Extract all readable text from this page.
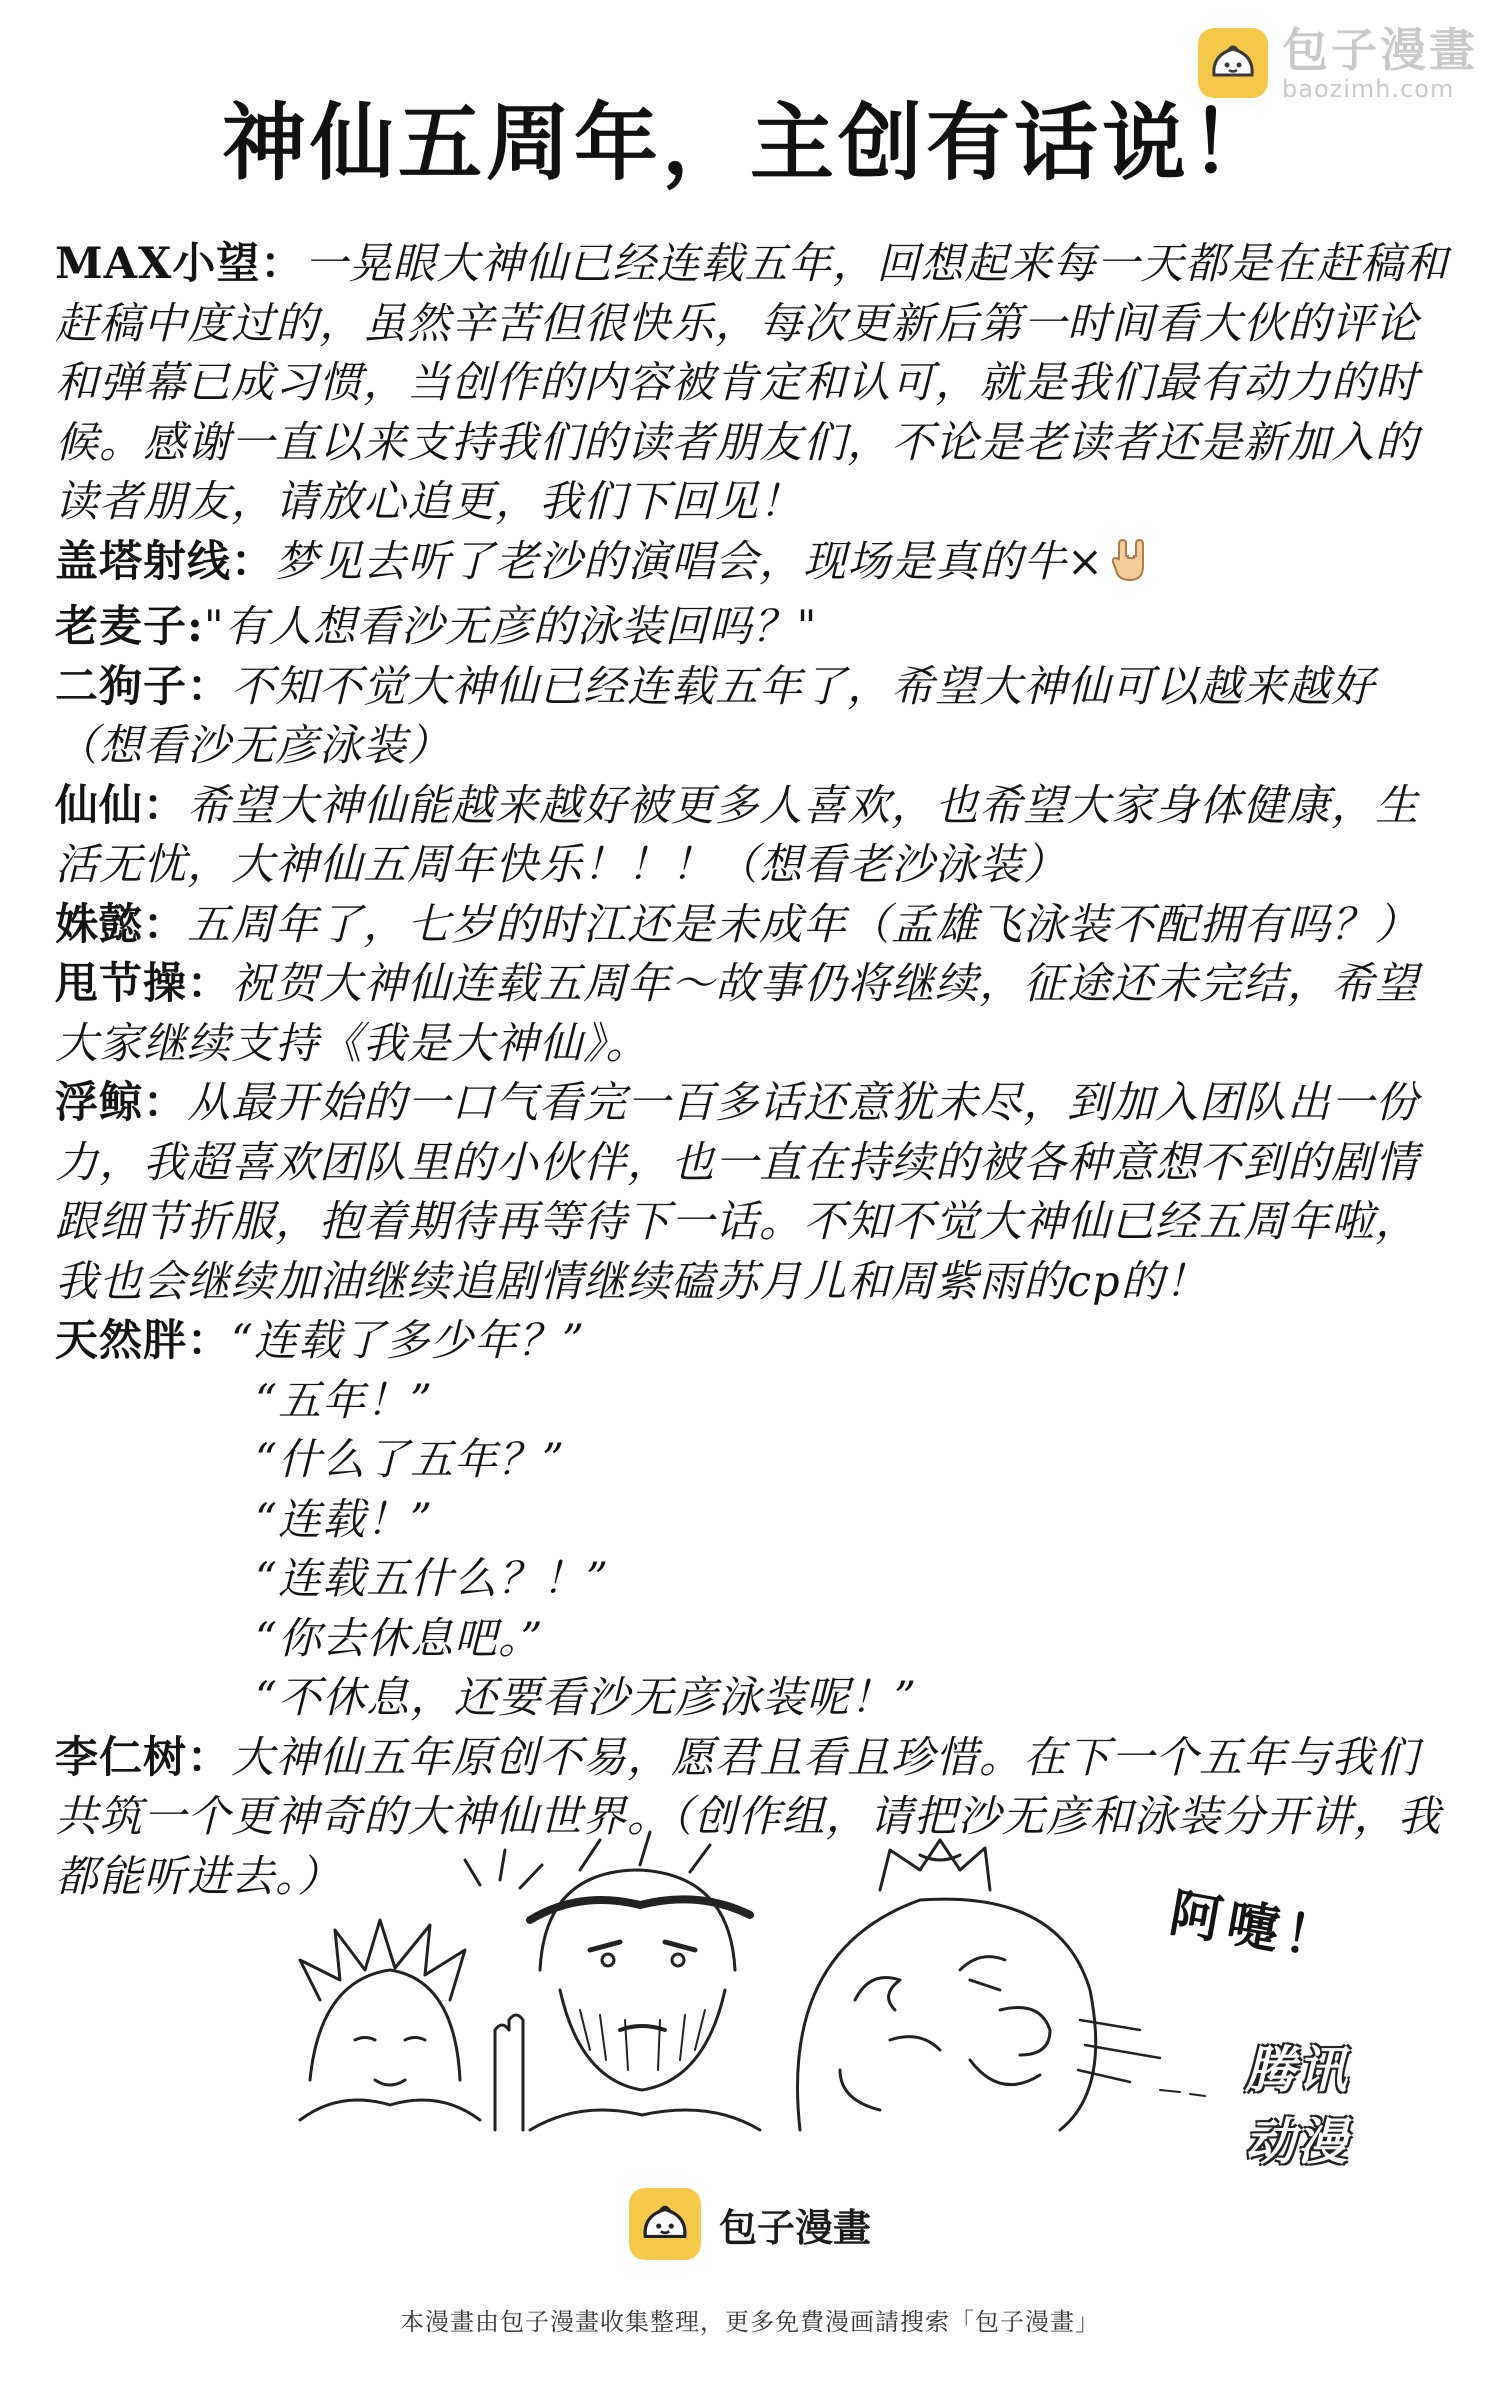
包子漫畫
baozimh.com
神仙五周年，主创有话说！

MAX小望：一晃眼大神仙已经连载五年，回想起来每一天都是在赶稿和赶稿中度过的，虽然辛苦但很快乐，每次更新后第一时间看大伙的评论和弹幕已成习惯，当创作的内容被肯定和认可，就是我们最有动力的时候。感谢一直以来支持我们的读者朋友们，不论是老读者还是新加入的读者朋友，请放心追更，我们下回见！

盖塔射线：梦见去听了老沙的演唱会，现场是真的牛×

老麦子:"有人想看沙无彦的泳装回吗？"

二狗子：不知不觉大神仙已经连载五年了，希望大神仙可以越来越好（想看沙无彦泳装）

仙仙：希望大神仙能越来越好被更多人喜欢，也希望大家身体健康，生活无忧，大神仙五周年快乐！！！（想看老沙泳装）

姝懿：五周年了，七岁的时江还是未成年（孟雄飞泳装不配拥有吗？）

甩节操：祝贺大神仙连载五周年～故事仍将继续，征途还未完结，希望大家继续支持《我是大神仙》。

浮鲸：从最开始的一口气看完一百多话还意犹未尽，到加入团队出一份力，我超喜欢团队里的小伙伴，也一直在持续的被各种意想不到的剧情跟细节折服，抱着期待再等待下一话。不知不觉大神仙已经五周年啦，我也会继续加油继续追剧情继续磕苏月儿和周紫雨的cp的！

天然胖：“连载了多少年？”
“五年！”
“什么了五年？”
“连载！”
“连载五什么？！”
“你去休息吧。”
“不休息，还要看沙无彦泳装呢！”

李仁树：大神仙五年原创不易，愿君且看且珍惜。在下一个五年与我们共筑一个更神奇的大神仙世界。（创作组，请把沙无彦和泳装分开讲，我都能听进去。）

阿嚏！
腾讯动漫
包子漫畫
本漫畫由包子漫畫收集整理，更多免費漫画請搜索「包子漫畫」
